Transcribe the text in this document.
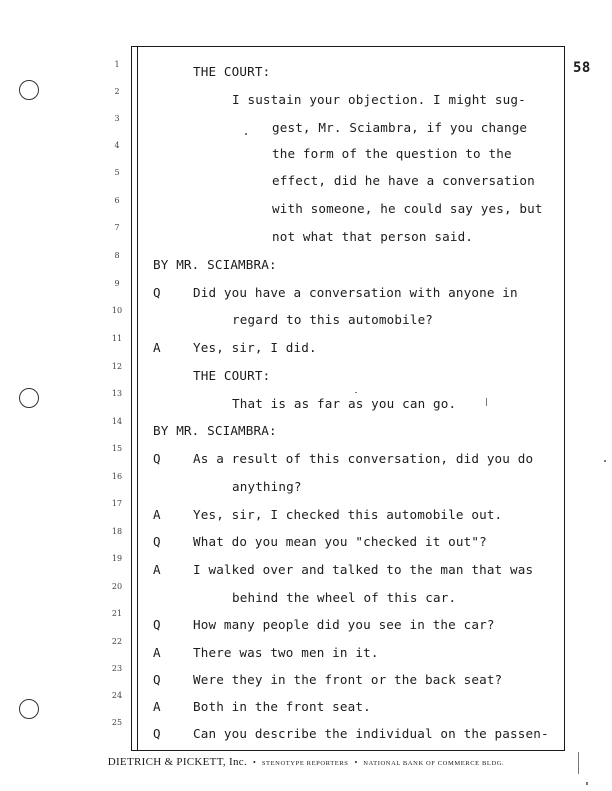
58
1
2
3
4
5
6
7
8
9
10
11
12
13
14
15
16
17
18
19
20
21
22
23
24
25
THE COURT:
I sustain your objection. I might sug-
gest, Mr. Sciambra, if you change
the form of the question to the
effect, did he have a conversation
with someone, he could say yes, but
not what that person said.
BY MR. SCIAMBRA:
Q	Did you have a conversation with anyone in
regard to this automobile?
A	Yes, sir, I did.
THE COURT:
That is as far as you can go.
BY MR. SCIAMBRA:
Q	As a result of this conversation, did you do
anything?
A	Yes, sir, I checked this automobile out.
Q	What do you mean you "checked it out"?
A	I walked over and talked to the man that was
behind the wheel of this car.
Q	How many people did you see in the car?
A	There was two men in it.
Q	Were they in the front or the back seat?
A	Both in the front seat.
Q	Can you describe the individual on the passen-
DIETRICH & PICKETT, Inc. • STENOTYPE REPORTERS • NATIONAL BANK OF COMMERCE BLDG.
